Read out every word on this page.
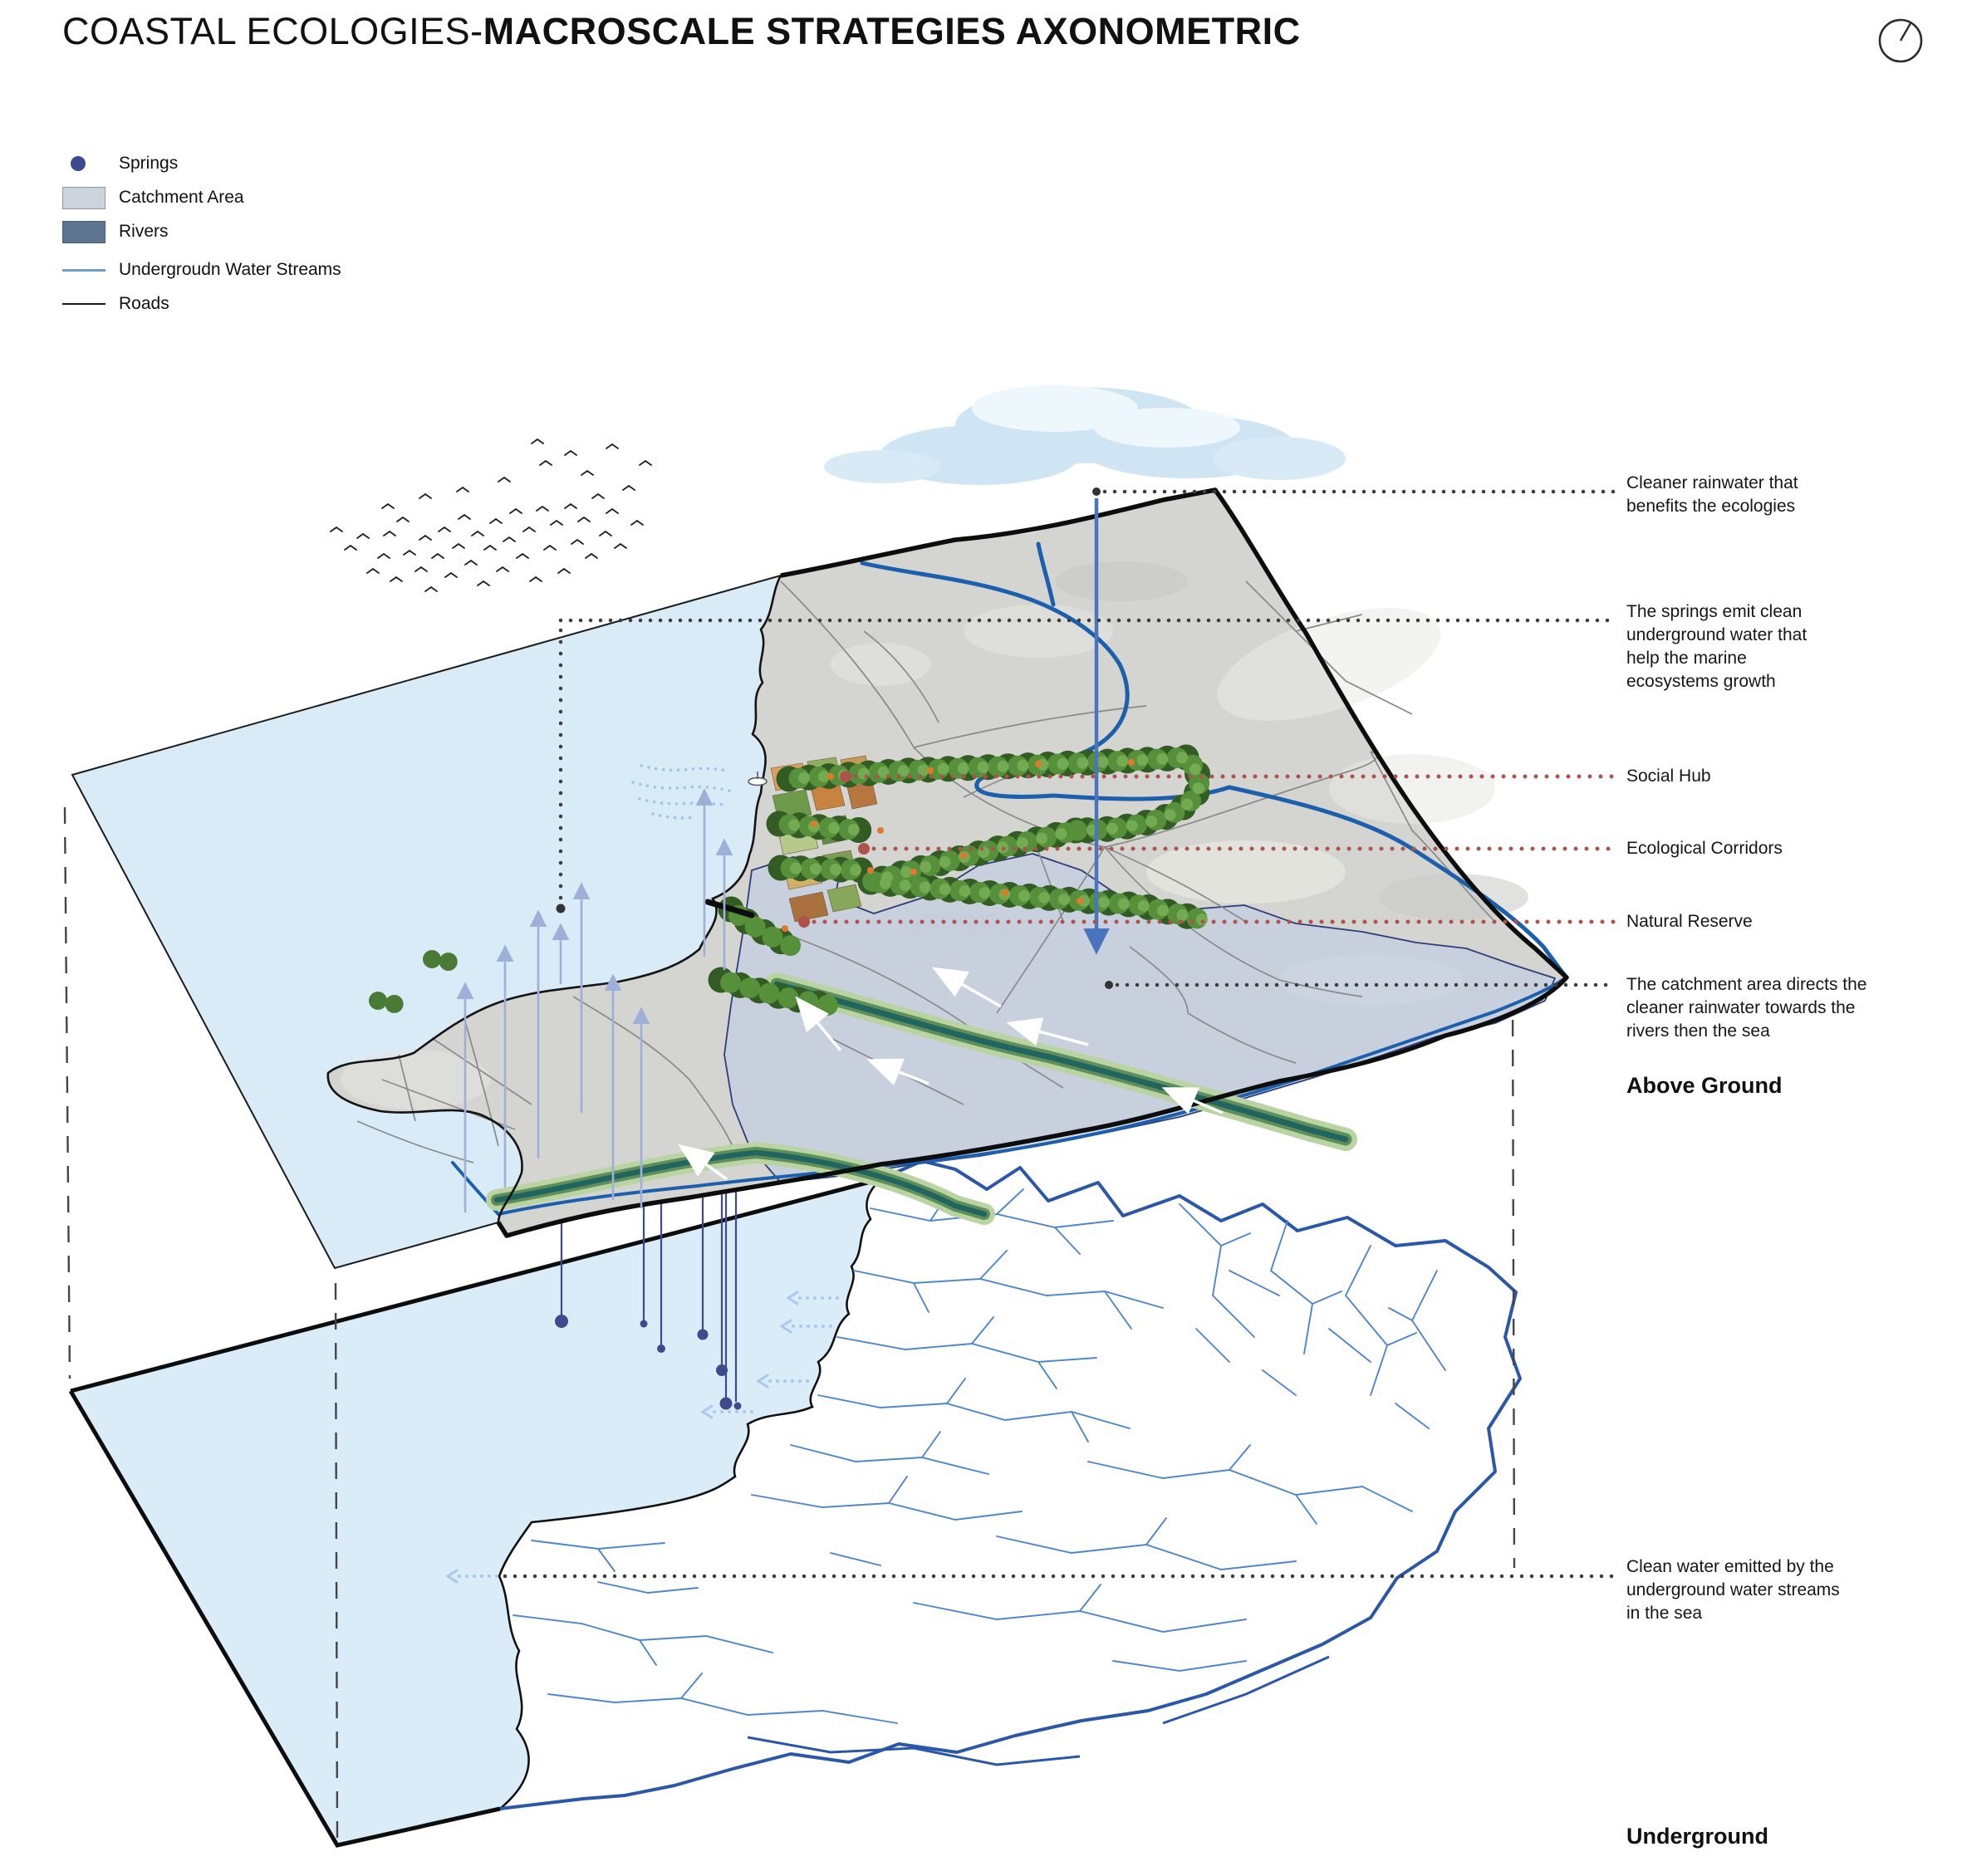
COASTAL ECOLOGIES-MACROSCALE STRATEGIES AXONOMETRIC
Springs
Catchment Area
Rivers
Undergroudn Water Streams
Roads
Cleaner rainwater that benefits the ecologies
The springs emit clean underground water that help the marine ecosystems growth
Social Hub
Ecological Corridors
Natural Reserve
The catchment area directs the cleaner rainwater towards the rivers then the sea
Clean water emitted by the underground water streams in the sea
Above Ground
Underground
